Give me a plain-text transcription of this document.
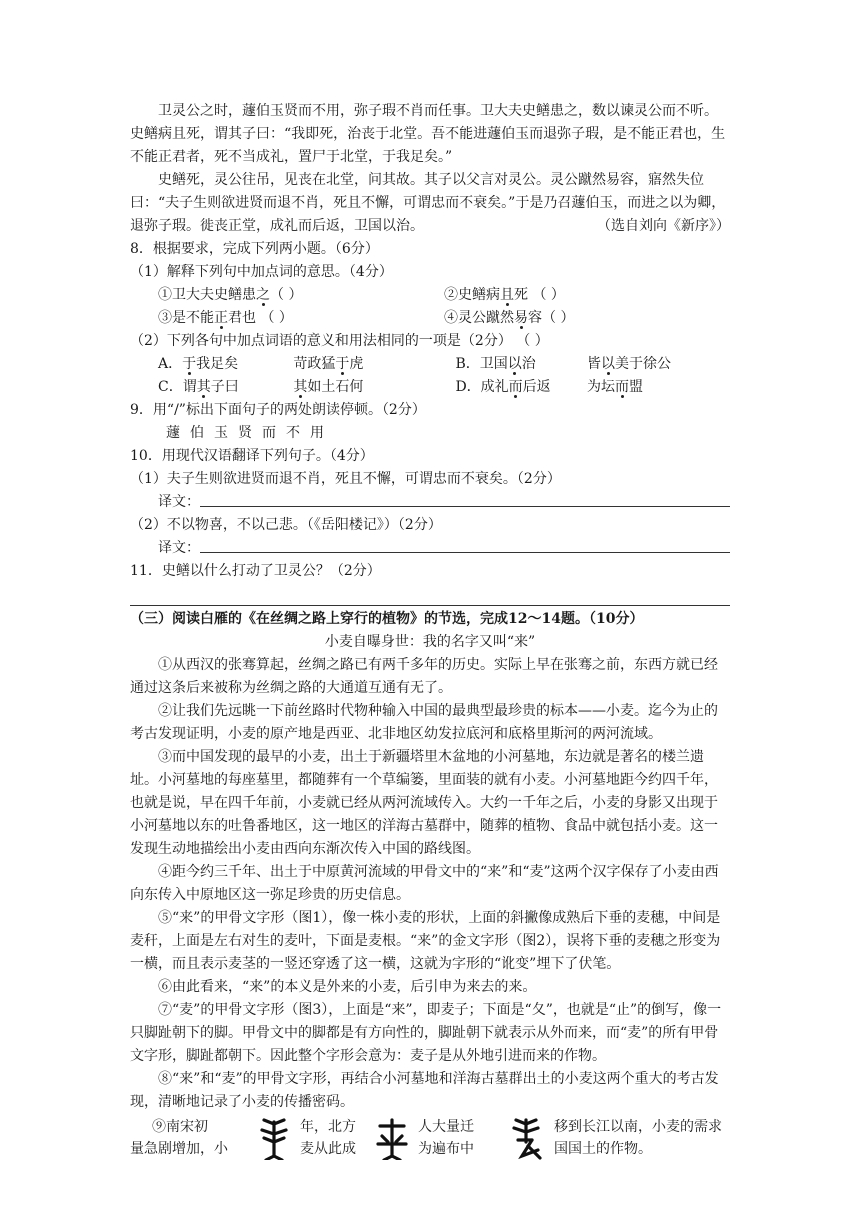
卫灵公之时，蘧伯玉贤而不用，弥子瑕不肖而任事。卫大夫史鳝患之，数以谏灵公而不听。史鳝病且死，谓其子曰：“我即死，治丧于北堂。吾不能进蘧伯玉而退弥子瑕，是不能正君也，生不能正君者，死不当成礼，置尸于北堂，于我足矣。”

史鳝死，灵公往吊，见丧在北堂，问其故。其子以父言对灵公。灵公蹴然易容，寤然失位曰：“夫子生则欲进贤而退不肖，死且不懈，可谓忠而不衰矣。”于是乃召蘧伯玉，而进之以为卿，退弥子瑕。徙丧正堂，成礼而后返，卫国以治。	（选自刘向《新序》）

8．根据要求，完成下列两小题。（6分）

（1）解释下列句中加点词的意思。（4分）

①卫大夫史鳝患之（ ）	②史鳝病且死 （ ）
③是不能正君也 （ ）	④灵公蹴然易容（ ）

（2）下列各句中加点词语的意义和用法相同的一项是（2分） （ ）

A．于我足矣	苛政猛于虎	B．卫国以治	皆以美于徐公
C．谓其子曰	其如土石何	D．成礼而后返	为坛而盟

9．用“/”标出下面句子的两处朗读停顿。（2分）

蘧伯玉贤而不用

10．用现代汉语翻译下列句子。（4分）

（1）夫子生则欲进贤而退不肖，死且不懈，可谓忠而不衰矣。（2分）

译文：

（2）不以物喜，不以己悲。（《岳阳楼记》）（2分）

译文：

11．史鳝以什么打动了卫灵公？（2分）

（三）阅读白雁的《在丝绸之路上穿行的植物》的节选，完成12～14题。（10分）

小麦自曝身世：我的名字又叫“来”

①从西汉的张骞算起，丝绸之路已有两千多年的历史。实际上早在张骞之前，东西方就已经通过这条后来被称为丝绸之路的大通道互通有无了。

②让我们先远眺一下前丝路时代物种输入中国的最典型最珍贵的标本——小麦。迄今为止的考古发现证明，小麦的原产地是西亚、北非地区幼发拉底河和底格里斯河的两河流域。

③而中国发现的最早的小麦，出土于新疆塔里木盆地的小河墓地，东边就是著名的楼兰遗址。小河墓地的每座墓里，都随葬有一个草编篓，里面装的就有小麦。小河墓地距今约四千年，也就是说，早在四千年前，小麦就已经从两河流域传入。大约一千年之后，小麦的身影又出现于小河墓地以东的吐鲁番地区，这一地区的洋海古墓群中，随葬的植物、食品中就包括小麦。这一发现生动地描绘出小麦由西向东渐次传入中国的路线图。

④距今约三千年、出土于中原黄河流域的甲骨文中的“来”和“麦”这两个汉字保存了小麦由西向东传入中原地区这一弥足珍贵的历史信息。

⑤“来”的甲骨文字形（图1），像一株小麦的形状，上面的斜撇像成熟后下垂的麦穗，中间是麦秆，上面是左右对生的麦叶，下面是麦根。“来”的金文字形（图2），误将下垂的麦穗之形变为一横，而且表示麦茎的一竖还穿透了这一横，这就为字形的“讹变”埋下了伏笔。

⑥由此看来，“来”的本义是外来的小麦，后引申为来去的来。

⑦“麦”的甲骨文字形（图3），上面是“来”，即麦子；下面是“夂”，也就是“止”的倒写，像一只脚趾朝下的脚。甲骨文中的脚都是有方向性的，脚趾朝下就表示从外而来，而“麦”的所有甲骨文字形，脚趾都朝下。因此整个字形会意为：麦子是从外地引进而来的作物。

⑧“来”和“麦”的甲骨文字形，再结合小河墓地和洋海古墓群出土的小麦这两个重大的考古发现，清晰地记录了小麦的传播密码。

⑨南宋初
量急剧增加，小
年，北方
麦从此成
人大量迁
为遍布中
移到长江以南，小麦的需求
国国土的作物。
